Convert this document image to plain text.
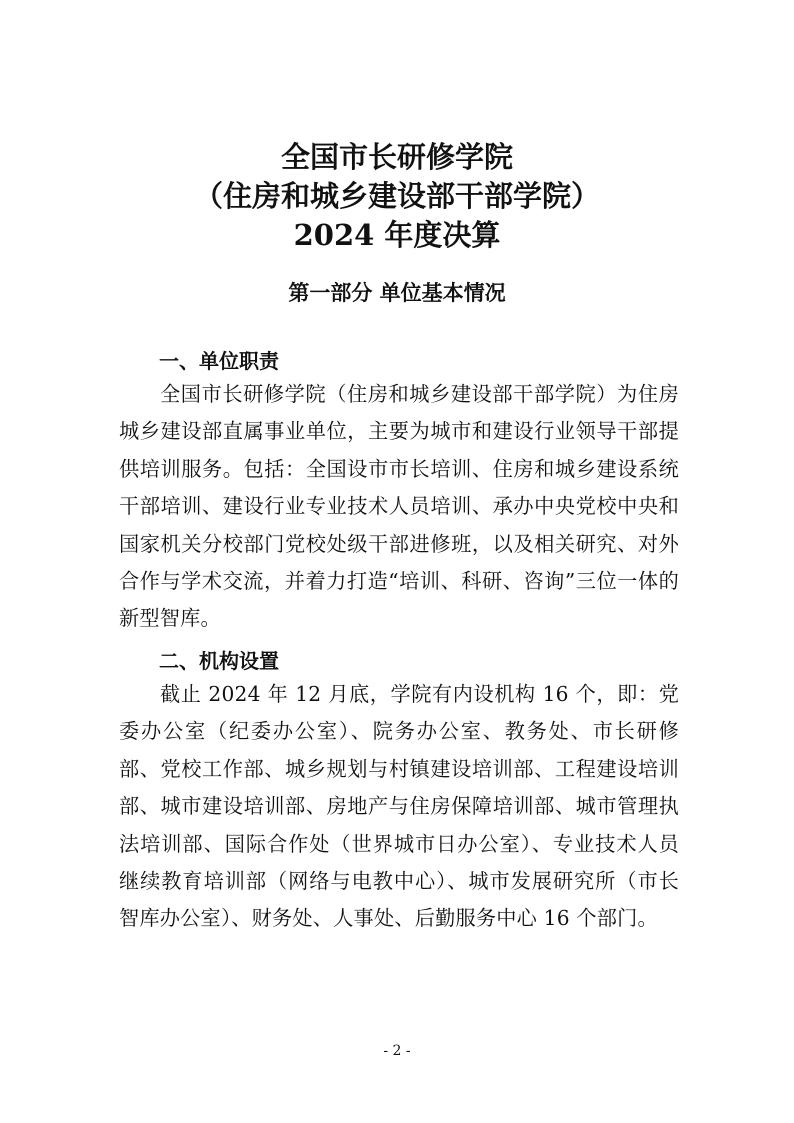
全国市长研修学院
（住房和城乡建设部干部学院）
2024 年度决算
第一部分 单位基本情况
一、单位职责

全国市长研修学院（住房和城乡建设部干部学院）为住房城乡建设部直属事业单位，主要为城市和建设行业领导干部提供培训服务。包括：全国设市市长培训、住房和城乡建设系统干部培训、建设行业专业技术人员培训、承办中央党校中央和国家机关分校部门党校处级干部进修班，以及相关研究、对外合作与学术交流，并着力打造“培训、科研、咨询”三位一体的新型智库。

二、机构设置

截止 2024 年 12 月底，学院有内设机构 16 个，即：党委办公室（纪委办公室）、院务办公室、教务处、市长研修部、党校工作部、城乡规划与村镇建设培训部、工程建设培训部、城市建设培训部、房地产与住房保障培训部、城市管理执法培训部、国际合作处（世界城市日办公室）、专业技术人员继续教育培训部（网络与电教中心）、城市发展研究所（市长智库办公室）、财务处、人事处、后勤服务中心 16 个部门。

- 2 -
